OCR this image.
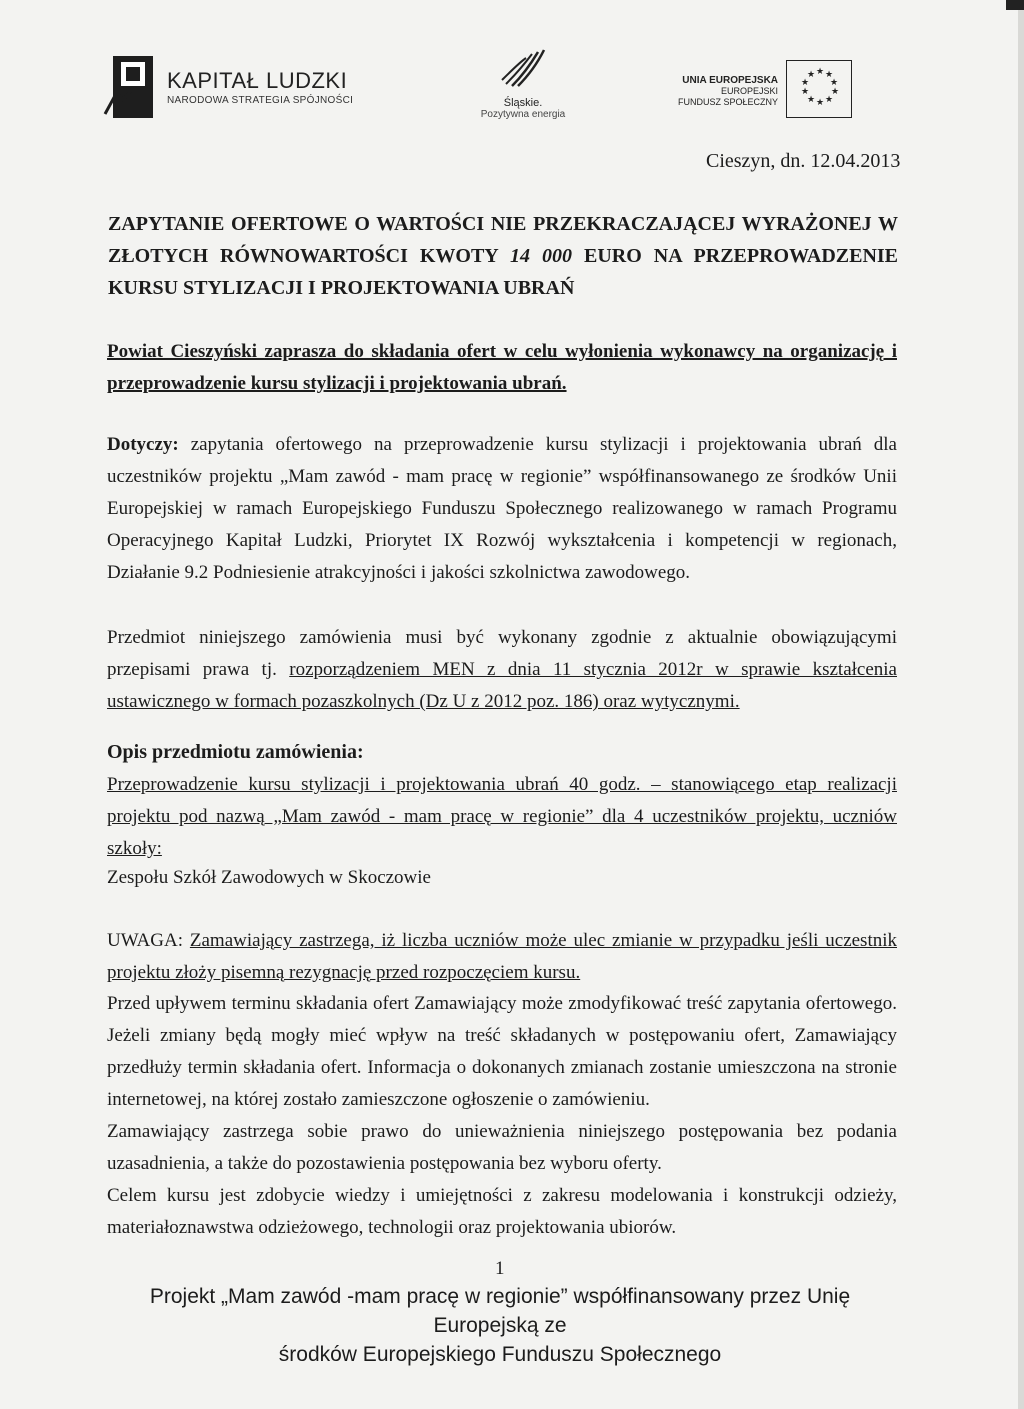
KAPITAŁ LUDZKI
NARODOWA STRATEGIA SPÓJNOŚCI	Śląskie.
Pozytywna energia
UNIA EUROPEJSKA
EUROPEJSKI
FUNDUSZ SPOŁECZNY
★ ★
★
★
★
★
★
★
★
★
Cieszyn, dn. 12.04.2013
ZAPYTANIE OFERTOWE O WARTOŚCI NIE PRZEKRACZAJĄCEJ WYRAŻONEJ W ZŁOTYCH RÓWNOWARTOŚCI KWOTY 14 000 EURO NA PRZEPROWADZENIE KURSU STYLIZACJI I PROJEKTOWANIA UBRAŃ
Powiat Cieszyński zaprasza do składania ofert w celu wyłonienia wykonawcy na organizację i przeprowadzenie kursu stylizacji i projektowania ubrań.
Dotyczy: zapytania ofertowego na przeprowadzenie kursu stylizacji i projektowania ubrań dla uczestników projektu „Mam zawód - mam pracę w regionie” współfinansowanego ze środków Unii Europejskiej w ramach Europejskiego Funduszu Społecznego realizowanego w ramach Programu Operacyjnego Kapitał Ludzki, Priorytet IX Rozwój wykształcenia i kompetencji w regionach, Działanie 9.2 Podniesienie atrakcyjności i jakości szkolnictwa zawodowego.
Przedmiot niniejszego zamówienia musi być wykonany zgodnie z aktualnie obowiązującymi przepisami prawa tj. rozporządzeniem MEN z dnia 11 stycznia 2012r w sprawie kształcenia ustawicznego w formach pozaszkolnych (Dz U z 2012 poz. 186) oraz wytycznymi.
Opis przedmiotu zamówienia:
Przeprowadzenie kursu stylizacji i projektowania ubrań 40 godz. – stanowiącego etap realizacji projektu pod nazwą „Mam zawód - mam pracę w regionie” dla 4 uczestników projektu, uczniów szkoły:
Zespołu Szkół Zawodowych w Skoczowie
UWAGA: Zamawiający zastrzega, iż liczba uczniów może ulec zmianie w przypadku jeśli uczestnik projektu złoży pisemną rezygnację przed rozpoczęciem kursu.
Przed upływem terminu składania ofert Zamawiający może zmodyfikować treść zapytania ofertowego. Jeżeli zmiany będą mogły mieć wpływ na treść składanych w postępowaniu ofert, Zamawiający przedłuży termin składania ofert. Informacja o dokonanych zmianach zostanie umieszczona na stronie internetowej, na której zostało zamieszczone ogłoszenie o zamówieniu.
Zamawiający zastrzega sobie prawo do unieważnienia niniejszego postępowania bez podania uzasadnienia, a także do pozostawienia postępowania bez wyboru oferty.
Celem kursu jest zdobycie wiedzy i umiejętności z zakresu modelowania i konstrukcji odzieży, materiałoznawstwa odzieżowego, technologii oraz projektowania ubiorów.
1
Projekt „Mam zawód -mam pracę w regionie” współfinansowany przez Unię Europejską ze
środków Europejskiego Funduszu Społecznego
